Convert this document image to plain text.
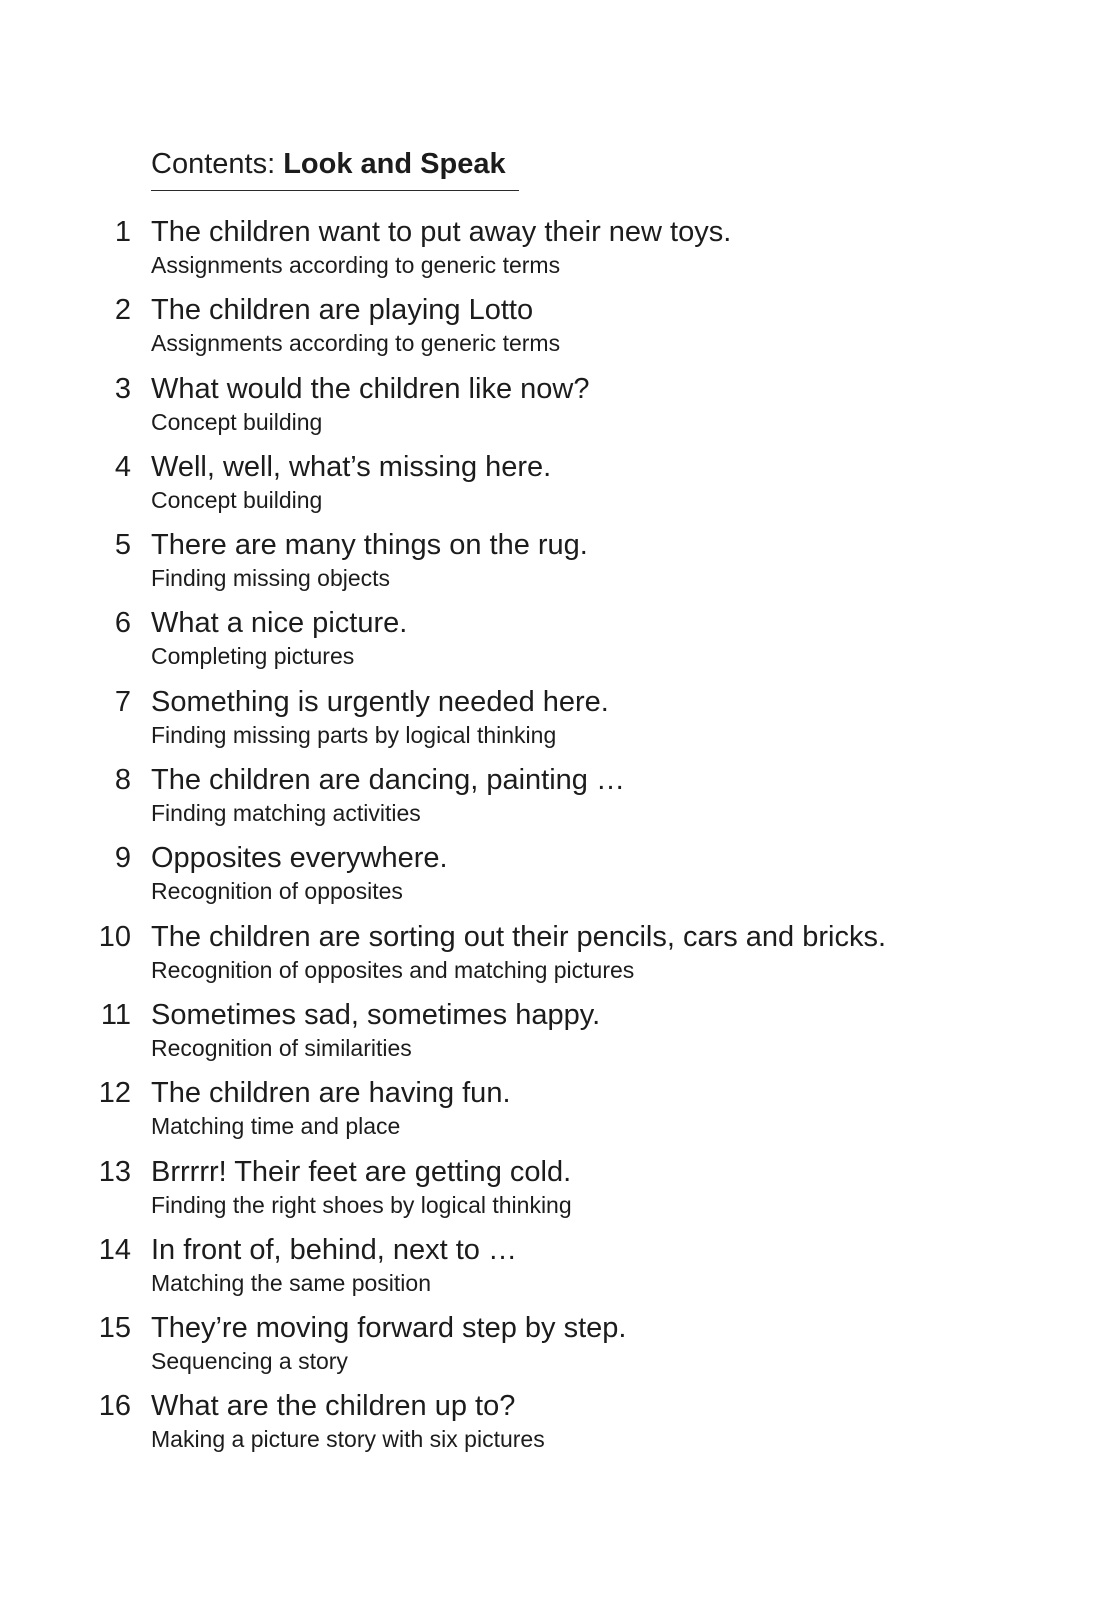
Contents: Look and Speak
1 The children want to put away their new toys.
Assignments according to generic terms
2 The children are playing Lotto
Assignments according to generic terms
3 What would the children like now?
Concept building
4 Well, well, what’s missing here.
Concept building
5 There are many things on the rug.
Finding missing objects
6 What a nice picture.
Completing pictures
7 Something is urgently needed here.
Finding missing parts by logical thinking
8 The children are dancing, painting …
Finding matching activities
9 Opposites everywhere.
Recognition of opposites
10 The children are sorting out their pencils, cars and bricks.
Recognition of opposites and matching pictures
11 Sometimes sad, sometimes happy.
Recognition of similarities
12 The children are having fun.
Matching time and place
13 Brrrrr! Their feet are getting cold.
Finding the right shoes by logical thinking
14 In front of, behind, next to …
Matching the same position
15 They’re moving forward step by step.
Sequencing a story
16 What are the children up to?
Making a picture story with six pictures
